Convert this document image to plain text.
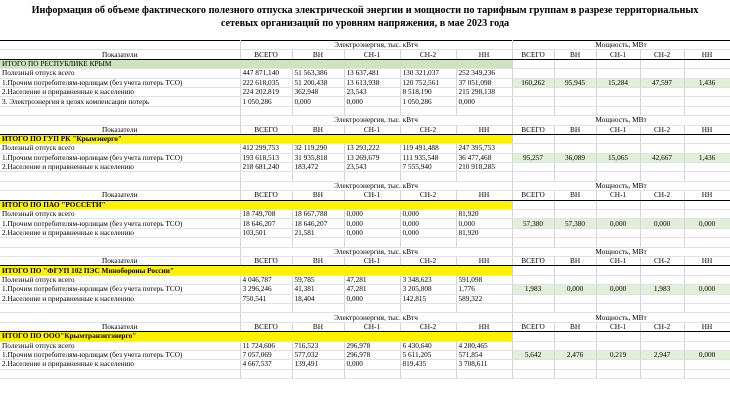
Информация об объеме фактического полезного отпуска электрической энергии и мощности по тарифным группам в разрезе территориальных сетевых организаций по уровням напряжения, в мае 2023 года
	Электроэнергия, тыс. кВтч					Мощность, МВт				
Показатели	ВСЕГО	ВН	СН-1	СН-2	НН	ВСЕГО	ВН	СН-1	СН-2	НН
ИТОГО ПО РЕСПУБЛИКЕ КРЫМ										
Полезный отпуск всего	447 871,140	51 563,386	13 637,481	130 321,037	252 349,236					
1.Прочим потребителям-юрлицам (без учета потерь ТСО)	222 618,035	51 200,438	13 613,938	120 752,561	37 051,098	160,262	95,945	15,284	47,597	1,436
2.Население и приравненные к населению	224 202,819	362,948	23,543	8 518,190	215 298,138					
3. Электроэнергия в целях компенсации потерь	1 050,286	0,000	0,000	1 050,286	0,000					

	Электроэнергия, тыс. кВтч					Мощность, МВт				
Показатели	ВСЕГО	ВН	СН-1	СН-2	НН	ВСЕГО	ВН	СН-1	СН-2	НН
ИТОГО ПО ГУП РК "Крымэнерго"										
Полезный отпуск всего	412 299,753	32 119,290	13 293,222	119 491,488	247 395,753					
1.Прочим потребителям-юрлицам (без учета потерь ТСО)	193 618,513	31 935,818	13 269,679	111 935,548	36 477,468	95,257	36,089	15,065	42,667	1,436
2.Население и приравненные к населению	218 681,240	183,472	23,543	7 555,940	210 918,285					

	Электроэнергия, тыс. кВтч					Мощность, МВт				
Показатели	ВСЕГО	ВН	СН-1	СН-2	НН	ВСЕГО	ВН	СН-1	СН-2	НН
ИТОГО ПО ПАО "РОССЕТИ"										
Полезный отпуск всего	18 749,708	18 667,788	0,000	0,000	81,920					
1.Прочим потребителям-юрлицам (без учета потерь ТСО)	18 646,207	18 646,207	0,000	0,000	0,000	57,380	57,380	0,000	0,000	0,000
2.Население и приравненные к населению	103,501	21,581	0,000	0,000	81,920					

	Электроэнергия, тыс. кВтч					Мощность, МВт				
Показатели	ВСЕГО	ВН	СН-1	СН-2	НН	ВСЕГО	ВН	СН-1	СН-2	НН
ИТОГО ПО "ФГУП 102 ПЭС Минобороны России"										
Полезный отпуск всего	4 046,787	59,785	47,281	3 348,623	591,098					
1.Прочим потребителям-юрлицам (без учета потерь ТСО)	3 296,246	41,381	47,281	3 205,808	1,776	1,983	0,000	0,000	1,983	0,000
2.Население и приравненные к населению	750,541	18,404	0,000	142,815	589,322					

	Электроэнергия, тыс. кВтч					Мощность, МВт				
Показатели	ВСЕГО	ВН	СН-1	СН-2	НН	ВСЕГО	ВН	СН-1	СН-2	НН
ИТОГО ПО ООО"Крымтранзитэнерго"										
Полезный отпуск всего	11 724,606	716,523	296,978	6 430,640	4 280,465					
1.Прочим потребителям-юрлицам (без учета потерь ТСО)	7 057,069	577,032	296,978	5 611,205	571,854	5,642	2,476	0,219	2,947	0,000
2.Население и приравненные к населению	4 667,537	139,491	0,000	819,435	3 708,611					
